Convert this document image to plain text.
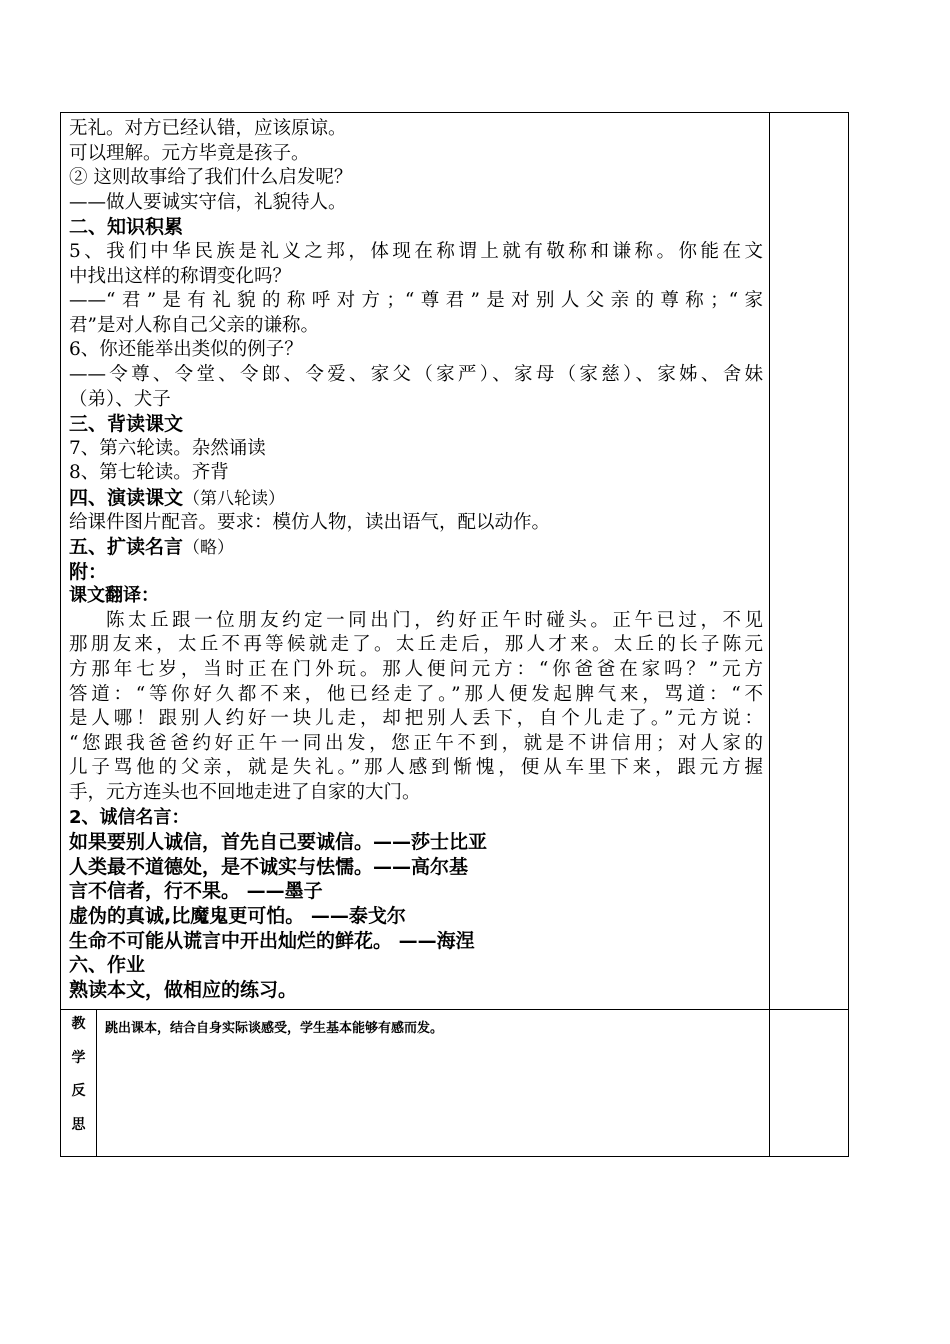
无礼。对方已经认错，应该原谅。
可以理解。元方毕竟是孩子。
② 这则故事给了我们什么启发呢？
——做人要诚实守信，礼貌待人。
二、知识积累
5、我们中华民族是礼义之邦，体现在称谓上就有敬称和谦称。你能在文
中找出这样的称谓变化吗？
——“君”是有礼貌的称呼对方；“尊君”是对别人父亲的尊称；“家
君”是对人称自己父亲的谦称。
6、你还能举出类似的例子？
——令尊、令堂、令郎、令爱、家父（家严）、家母（家慈）、家姊、舍妹
（弟）、犬子
三、背读课文
7、第六轮读。杂然诵读
8、第七轮读。齐背
四、演读课文（第八轮读）
给课件图片配音。要求：模仿人物，读出语气，配以动作。
五、扩读名言（略）
附：
课文翻译：
陈太丘跟一位朋友约定一同出门，约好正午时碰头。正午已过，不见
那朋友来，太丘不再等候就走了。太丘走后，那人才来。太丘的长子陈元
方那年七岁，当时正在门外玩。那人便问元方：“你爸爸在家吗？”元方
答道：“等你好久都不来，他已经走了。”那人便发起脾气来，骂道：“不
是人哪！跟别人约好一块儿走，却把别人丢下，自个儿走了。”元方说：
“您跟我爸爸约好正午一同出发，您正午不到，就是不讲信用；对人家的
儿子骂他的父亲，就是失礼。”那人感到惭愧，便从车里下来，跟元方握
手，元方连头也不回地走进了自家的大门。
2、诚信名言：
如果要别人诚信，首先自己要诚信。——莎士比亚
人类最不道德处，是不诚实与怯懦。——高尔基
言不信者，行不果。 ——墨子
虚伪的真诚,比魔鬼更可怕。 ——泰戈尔
生命不可能从谎言中开出灿烂的鲜花。 ——海涅
六、作业
熟读本文，做相应的练习。
教
学
反
思
跳出课本，结合自身实际谈感受，学生基本能够有感而发。
